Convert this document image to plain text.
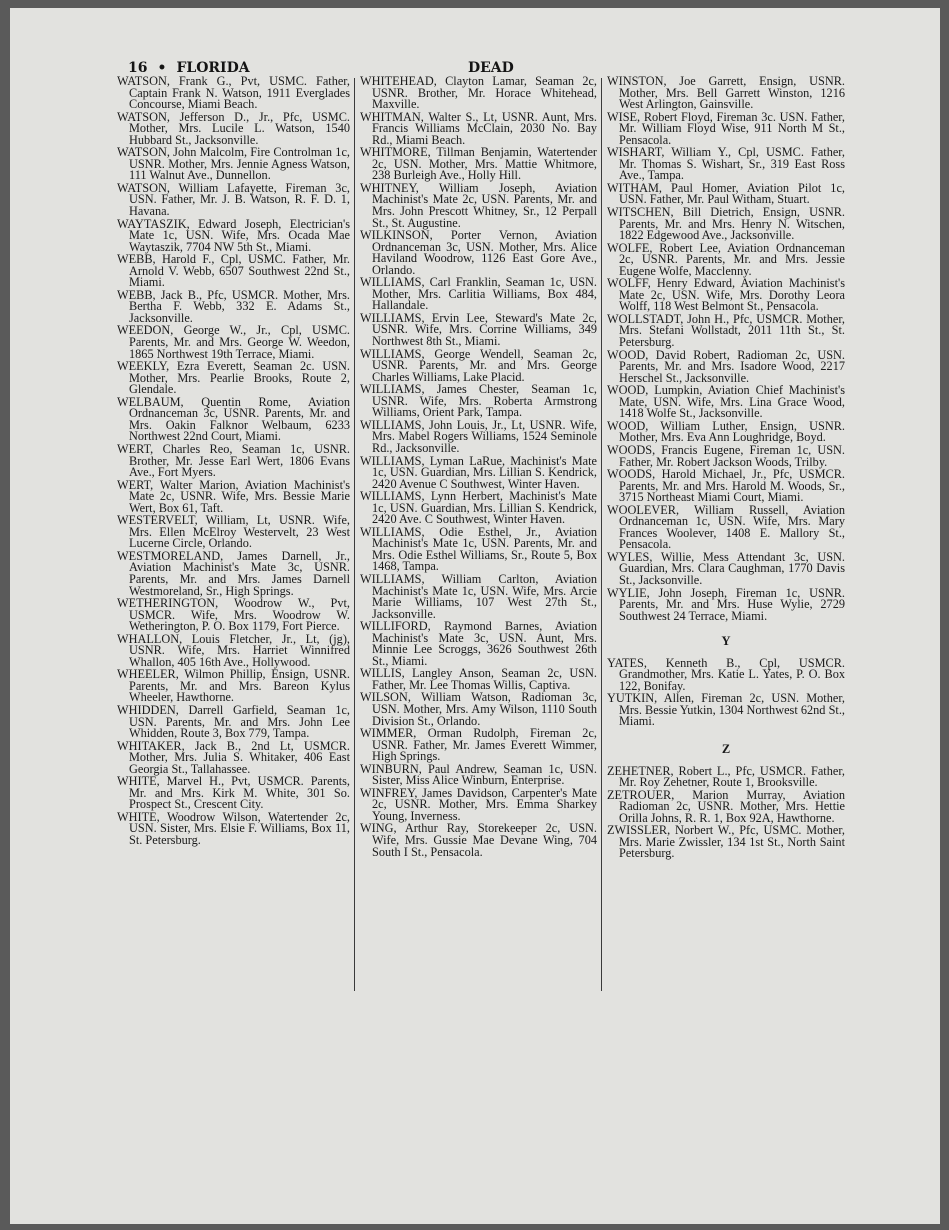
16 • FLORIDA	DEAD
WATSON, Frank G., Pvt, USMC. Father, Captain Frank N. Watson, 1911 Everglades Concourse, Miami Beach.
WATSON, Jefferson D., Jr., Pfc, USMC. Mother, Mrs. Lucile L. Watson, 1540 Hubbard St., Jacksonville.
WATSON, John Malcolm, Fire Controlman 1c, USNR. Mother, Mrs. Jennie Agness Watson, 111 Walnut Ave., Dunnellon.
WATSON, William Lafayette, Fireman 3c, USN. Father, Mr. J. B. Watson, R. F. D. 1, Havana.
WAYTASZIK, Edward Joseph, Electrician's Mate 1c, USN. Wife, Mrs. Ocada Mae Waytaszik, 7704 NW 5th St., Miami.
WEBB, Harold F., Cpl, USMC. Father, Mr. Arnold V. Webb, 6507 Southwest 22nd St., Miami.
WEBB, Jack B., Pfc, USMCR. Mother, Mrs. Bertha F. Webb, 332 E. Adams St., Jacksonville.
WEEDON, George W., Jr., Cpl, USMC. Parents, Mr. and Mrs. George W. Weedon, 1865 Northwest 19th Terrace, Miami.
WEEKLY, Ezra Everett, Seaman 2c. USN. Mother, Mrs. Pearlie Brooks, Route 2, Glendale.
WELBAUM, Quentin Rome, Aviation Ordnanceman 3c, USNR. Parents, Mr. and Mrs. Oakin Falknor Welbaum, 6233 Northwest 22nd Court, Miami.
WERT, Charles Reo, Seaman 1c, USNR. Brother, Mr. Jesse Earl Wert, 1806 Evans Ave., Fort Myers.
WERT, Walter Marion, Aviation Machinist's Mate 2c, USNR. Wife, Mrs. Bessie Marie Wert, Box 61, Taft.
WESTERVELT, William, Lt, USNR. Wife, Mrs. Ellen McElroy Westervelt, 23 West Lucerne Circle, Orlando.
WESTMORELAND, James Darnell, Jr., Aviation Machinist's Mate 3c, USNR. Parents, Mr. and Mrs. James Darnell Westmoreland, Sr., High Springs.
WETHERINGTON, Woodrow W., Pvt, USMCR. Wife, Mrs. Woodrow W. Wetherington, P. O. Box 1179, Fort Pierce.
WHALLON, Louis Fletcher, Jr., Lt, (jg), USNR. Wife, Mrs. Harriet Winnifred Whallon, 405 16th Ave., Hollywood.
WHEELER, Wilmon Phillip, Ensign, USNR. Parents, Mr. and Mrs. Bareon Kylus Wheeler, Hawthorne.
WHIDDEN, Darrell Garfield, Seaman 1c, USN. Parents, Mr. and Mrs. John Lee Whidden, Route 3, Box 779, Tampa.
WHITAKER, Jack B., 2nd Lt, USMCR. Mother, Mrs. Julia S. Whitaker, 406 East Georgia St., Tallahassee.
WHITE, Marvel H., Pvt, USMCR. Parents, Mr. and Mrs. Kirk M. White, 301 So. Prospect St., Crescent City.
WHITE, Woodrow Wilson, Watertender 2c, USN. Sister, Mrs. Elsie F. Williams, Box 11, St. Petersburg.
WHITEHEAD, Clayton Lamar, Seaman 2c, USNR. Brother, Mr. Horace Whitehead, Maxville.
WHITMAN, Walter S., Lt, USNR. Aunt, Mrs. Francis Williams McClain, 2030 No. Bay Rd., Miami Beach.
WHITMORE, Tillman Benjamin, Watertender 2c, USN. Mother, Mrs. Mattie Whitmore, 238 Burleigh Ave., Holly Hill.
WHITNEY, William Joseph, Aviation Machinist's Mate 2c, USN. Parents, Mr. and Mrs. John Prescott Whitney, Sr., 12 Perpall St., St. Augustine.
WILKINSON, Porter Vernon, Aviation Ordnanceman 3c, USN. Mother, Mrs. Alice Haviland Woodrow, 1126 East Gore Ave., Orlando.
WILLIAMS, Carl Franklin, Seaman 1c, USN. Mother, Mrs. Carlitia Williams, Box 484, Hallandale.
WILLIAMS, Ervin Lee, Steward's Mate 2c, USNR. Wife, Mrs. Corrine Williams, 349 Northwest 8th St., Miami.
WILLIAMS, George Wendell, Seaman 2c, USNR. Parents, Mr. and Mrs. George Charles Williams, Lake Placid.
WILLIAMS, James Chester, Seaman 1c, USNR. Wife, Mrs. Roberta Armstrong Williams, Orient Park, Tampa.
WILLIAMS, John Louis, Jr., Lt, USNR. Wife, Mrs. Mabel Rogers Williams, 1524 Seminole Rd., Jacksonville.
WILLIAMS, Lyman LaRue, Machinist's Mate 1c, USN. Guardian, Mrs. Lillian S. Kendrick, 2420 Avenue C Southwest, Winter Haven.
WILLIAMS, Lynn Herbert, Machinist's Mate 1c, USN. Guardian, Mrs. Lillian S. Kendrick, 2420 Ave. C Southwest, Winter Haven.
WILLIAMS, Odie Esthel, Jr., Aviation Machinist's Mate 1c, USN. Parents, Mr. and Mrs. Odie Esthel Williams, Sr., Route 5, Box 1468, Tampa.
WILLIAMS, William Carlton, Aviation Machinist's Mate 1c, USN. Wife, Mrs. Arcie Marie Williams, 107 West 27th St., Jacksonville.
WILLIFORD, Raymond Barnes, Aviation Machinist's Mate 3c, USN. Aunt, Mrs. Minnie Lee Scroggs, 3626 Southwest 26th St., Miami.
WILLIS, Langley Anson, Seaman 2c, USN. Father, Mr. Lee Thomas Willis, Captiva.
WILSON, William Watson, Radioman 3c, USN. Mother, Mrs. Amy Wilson, 1110 South Division St., Orlando.
WIMMER, Orman Rudolph, Fireman 2c, USNR. Father, Mr. James Everett Wimmer, High Springs.
WINBURN, Paul Andrew, Seaman 1c, USN. Sister, Miss Alice Winburn, Enterprise.
WINFREY, James Davidson, Carpenter's Mate 2c, USNR. Mother, Mrs. Emma Sharkey Young, Inverness.
WING, Arthur Ray, Storekeeper 2c, USN. Wife, Mrs. Gussie Mae Devane Wing, 704 South I St., Pensacola.
WINSTON, Joe Garrett, Ensign, USNR. Mother, Mrs. Bell Garrett Winston, 1216 West Arlington, Gainsville.
WISE, Robert Floyd, Fireman 3c. USN. Father, Mr. William Floyd Wise, 911 North M St., Pensacola.
WISHART, William Y., Cpl, USMC. Father, Mr. Thomas S. Wishart, Sr., 319 East Ross Ave., Tampa.
WITHAM, Paul Homer, Aviation Pilot 1c, USN. Father, Mr. Paul Witham, Stuart.
WITSCHEN, Bill Dietrich, Ensign, USNR. Parents, Mr. and Mrs. Henry N. Witschen, 1822 Edgewood Ave., Jacksonville.
WOLFE, Robert Lee, Aviation Ordnanceman 2c, USNR. Parents, Mr. and Mrs. Jessie Eugene Wolfe, Macclenny.
WOLFF, Henry Edward, Aviation Machinist's Mate 2c, USN. Wife, Mrs. Dorothy Leora Wolff, 118 West Belmont St., Pensacola.
WOLLSTADT, John H., Pfc, USMCR. Mother, Mrs. Stefani Wollstadt, 2011 11th St., St. Petersburg.
WOOD, David Robert, Radioman 2c, USN. Parents, Mr. and Mrs. Isadore Wood, 2217 Herschel St., Jacksonville.
WOOD, Lumpkin, Aviation Chief Machinist's Mate, USN. Wife, Mrs. Lina Grace Wood, 1418 Wolfe St., Jacksonville.
WOOD, William Luther, Ensign, USNR. Mother, Mrs. Eva Ann Loughridge, Boyd.
WOODS, Francis Eugene, Fireman 1c, USN. Father, Mr. Robert Jackson Woods, Trilby.
WOODS, Harold Michael, Jr., Pfc, USMCR. Parents, Mr. and Mrs. Harold M. Woods, Sr., 3715 Northeast Miami Court, Miami.
WOOLEVER, William Russell, Aviation Ordnanceman 1c, USN. Wife, Mrs. Mary Frances Woolever, 1408 E. Mallory St., Pensacola.
WYLES, Willie, Mess Attendant 3c, USN. Guardian, Mrs. Clara Caughman, 1770 Davis St., Jacksonville.
WYLIE, John Joseph, Fireman 1c, USNR. Parents, Mr. and Mrs. Huse Wylie, 2729 Southwest 24 Terrace, Miami.
Y
YATES, Kenneth B., Cpl, USMCR. Grandmother, Mrs. Katie L. Yates, P. O. Box 122, Bonifay.
YUTKIN, Allen, Fireman 2c, USN. Mother, Mrs. Bessie Yutkin, 1304 Northwest 62nd St., Miami.
Z
ZEHETNER, Robert L., Pfc, USMCR. Father, Mr. Roy Zehetner, Route 1, Brooksville.
ZETROUER, Marion Murray, Aviation Radioman 2c, USNR. Mother, Mrs. Hettie Orilla Johns, R. R. 1, Box 92A, Hawthorne.
ZWISSLER, Norbert W., Pfc, USMC. Mother, Mrs. Marie Zwissler, 134 1st St., North Saint Petersburg.
